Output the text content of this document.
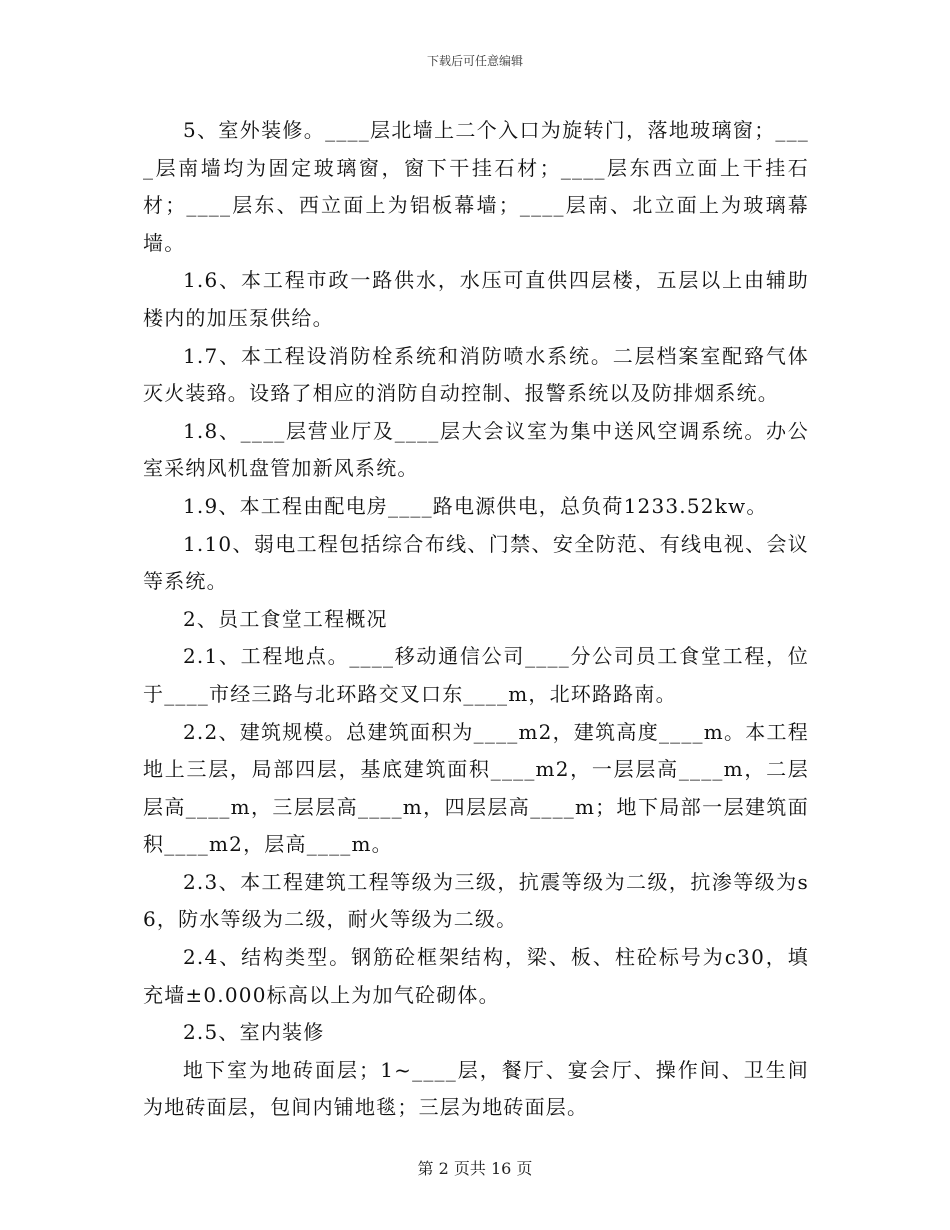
下载后可任意编辑

5、室外装修。____层北墙上二个入口为旋转门，落地玻璃窗；____层南墙均为固定玻璃窗，窗下干挂石材；____层东西立面上干挂石材；____层东、西立面上为铝板幕墙；____层南、北立面上为玻璃幕墙。

1.6、本工程市政一路供水，水压可直供四层楼，五层以上由辅助楼内的加压泵供给。

1.7、本工程设消防栓系统和消防喷水系统。二层档案室配臵气体灭火装臵。设臵了相应的消防自动控制、报警系统以及防排烟系统。

1.8、____层营业厅及____层大会议室为集中送风空调系统。办公室采纳风机盘管加新风系统。

1.9、本工程由配电房____路电源供电，总负荷1233.52kw。

1.10、弱电工程包括综合布线、门禁、安全防范、有线电视、会议等系统。

2、员工食堂工程概况

2.1、工程地点。____移动通信公司____分公司员工食堂工程，位于____市经三路与北环路交叉口东____m，北环路路南。

2.2、建筑规模。总建筑面积为____m2，建筑高度____m。本工程地上三层，局部四层，基底建筑面积____m2，一层层高____m，二层层高____m，三层层高____m，四层层高____m；地下局部一层建筑面积____m2，层高____m。

2.3、本工程建筑工程等级为三级，抗震等级为二级，抗渗等级为s6，防水等级为二级，耐火等级为二级。

2.4、结构类型。钢筋砼框架结构，梁、板、柱砼标号为c30，填充墙±0.000标高以上为加气砼砌体。

2.5、室内装修

地下室为地砖面层；1~____层，餐厅、宴会厅、操作间、卫生间为地砖面层，包间内铺地毯；三层为地砖面层。

第 2 页共 16 页
